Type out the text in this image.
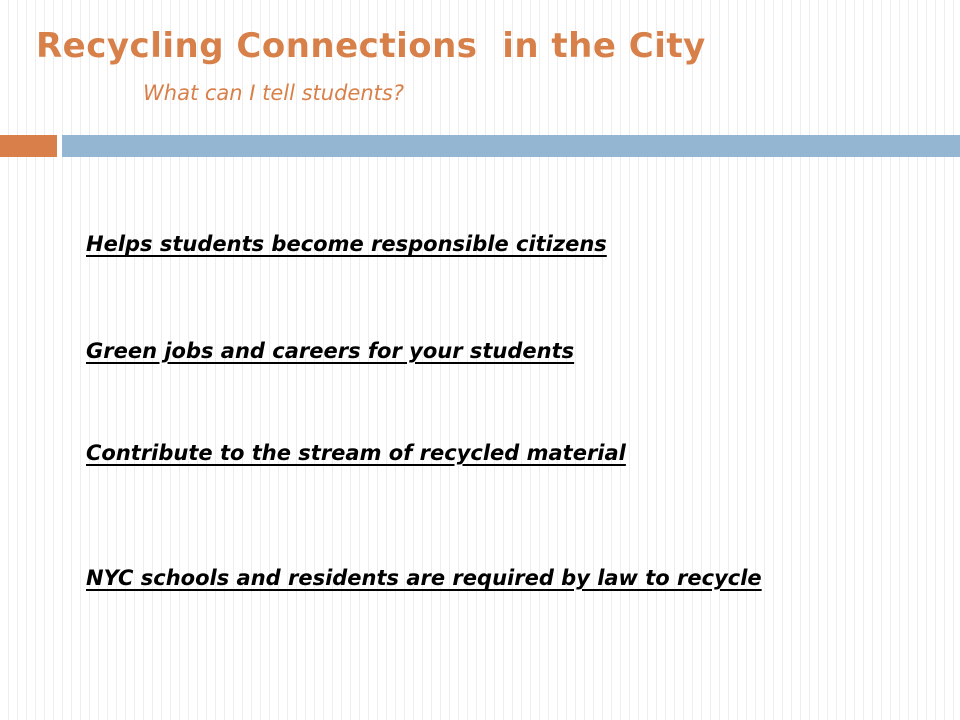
Recycling Connections  in the City

What can I tell students?

Helps students become responsible citizens

Green jobs and careers for your students

Contribute to the stream of recycled material

NYC schools and residents are required by law to recycle
